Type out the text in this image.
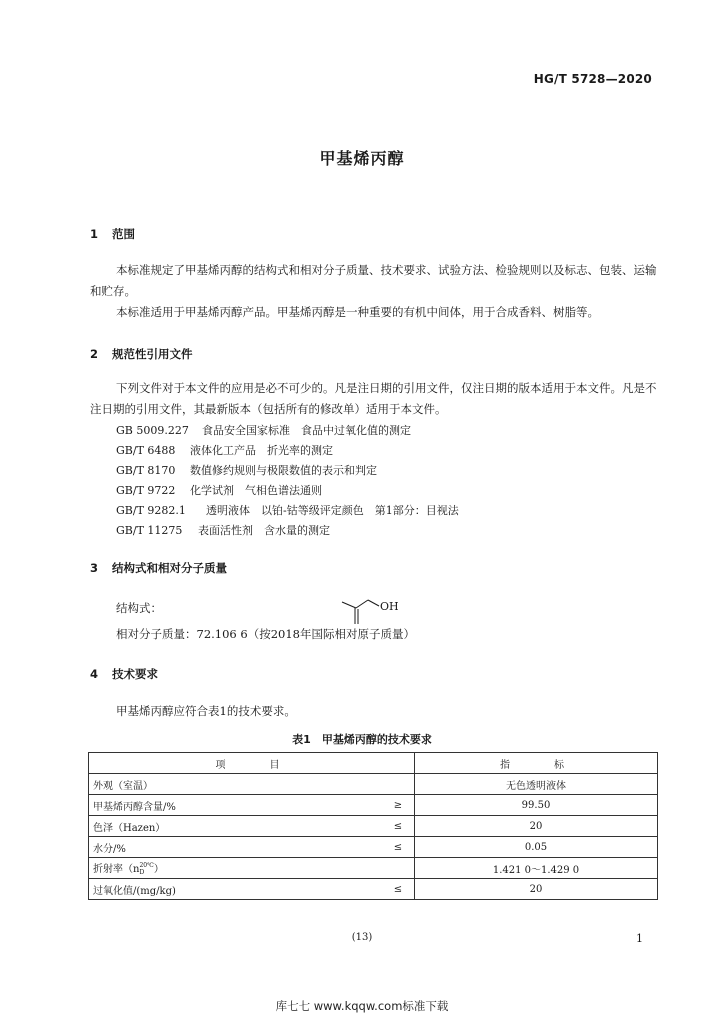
HG/T 5728—2020
甲基烯丙醇
1 范围
本标准规定了甲基烯丙醇的结构式和相对分子质量、技术要求、试验方法、检验规则以及标志、包装、运输和贮存。
本标准适用于甲基烯丙醇产品。甲基烯丙醇是一种重要的有机中间体，用于合成香料、树脂等。
2 规范性引用文件
下列文件对于本文件的应用是必不可少的。凡是注日期的引用文件，仅注日期的版本适用于本文件。凡是不注日期的引用文件，其最新版本（包括所有的修改单）适用于本文件。
GB 5009.227 食品安全国家标准　食品中过氧化值的测定
GB/T 6488 液体化工产品　折光率的测定
GB/T 8170 数值修约规则与极限数值的表示和判定
GB/T 9722 化学试剂　气相色谱法通则
GB/T 9282.1 透明液体　以铂-钴等级评定颜色　第1部分：目视法
GB/T 11275 表面活性剂　含水量的测定
3 结构式和相对分子质量
结构式：	OH
相对分子质量：72.106 6（按2018年国际相对原子质量）
4 技术要求
甲基烯丙醇应符合表1的技术要求。
表1　甲基烯丙醇的技术要求
项　　目		指　　标
外观（室温）		无色透明液体
甲基烯丙醇含量/%	≥	99.50
色泽（Hazen）	≤	20
水分/%	≤	0.05
折射率（n 20℃
D ）		1.421 0～1.429 0
过氧化值/(mg/kg)	≤	20
(13)	1
库七七 www.kqqw.com标准下载
